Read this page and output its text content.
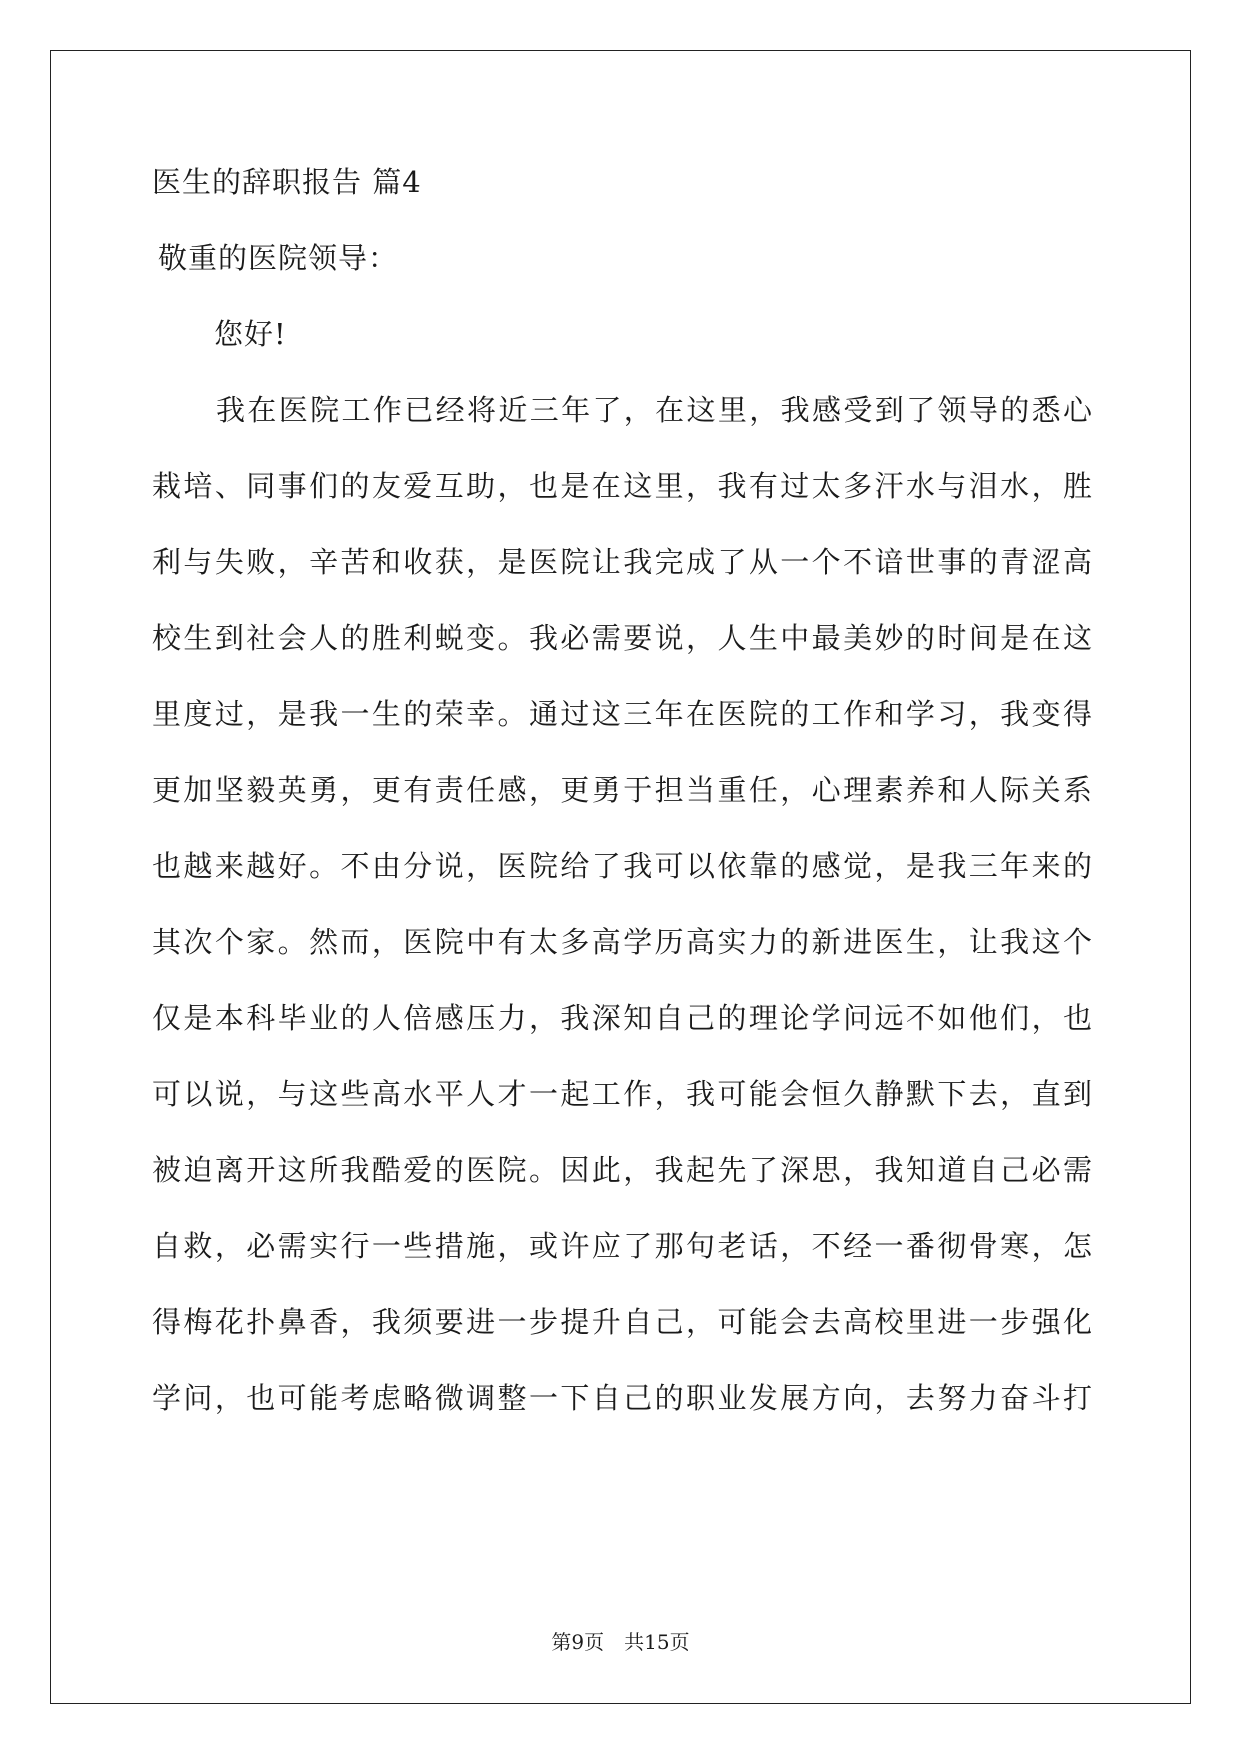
医生的辞职报告 篇4
敬重的医院领导：
您好!
我在医院工作已经将近三年了，在这里，我感受到了领导的悉心
栽培、同事们的友爱互助，也是在这里，我有过太多汗水与泪水，胜
利与失败，辛苦和收获，是医院让我完成了从一个不谙世事的青涩高
校生到社会人的胜利蜕变。我必需要说，人生中最美妙的时间是在这
里度过，是我一生的荣幸。通过这三年在医院的工作和学习，我变得
更加坚毅英勇，更有责任感，更勇于担当重任，心理素养和人际关系
也越来越好。不由分说，医院给了我可以依靠的感觉，是我三年来的
其次个家。然而，医院中有太多高学历高实力的新进医生，让我这个
仅是本科毕业的人倍感压力，我深知自己的理论学问远不如他们，也
可以说，与这些高水平人才一起工作，我可能会恒久静默下去，直到
被迫离开这所我酷爱的医院。因此，我起先了深思，我知道自己必需
自救，必需实行一些措施，或许应了那句老话，不经一番彻骨寒，怎
得梅花扑鼻香，我须要进一步提升自己，可能会去高校里进一步强化
学问，也可能考虑略微调整一下自己的职业发展方向，去努力奋斗打
第9页　共15页
